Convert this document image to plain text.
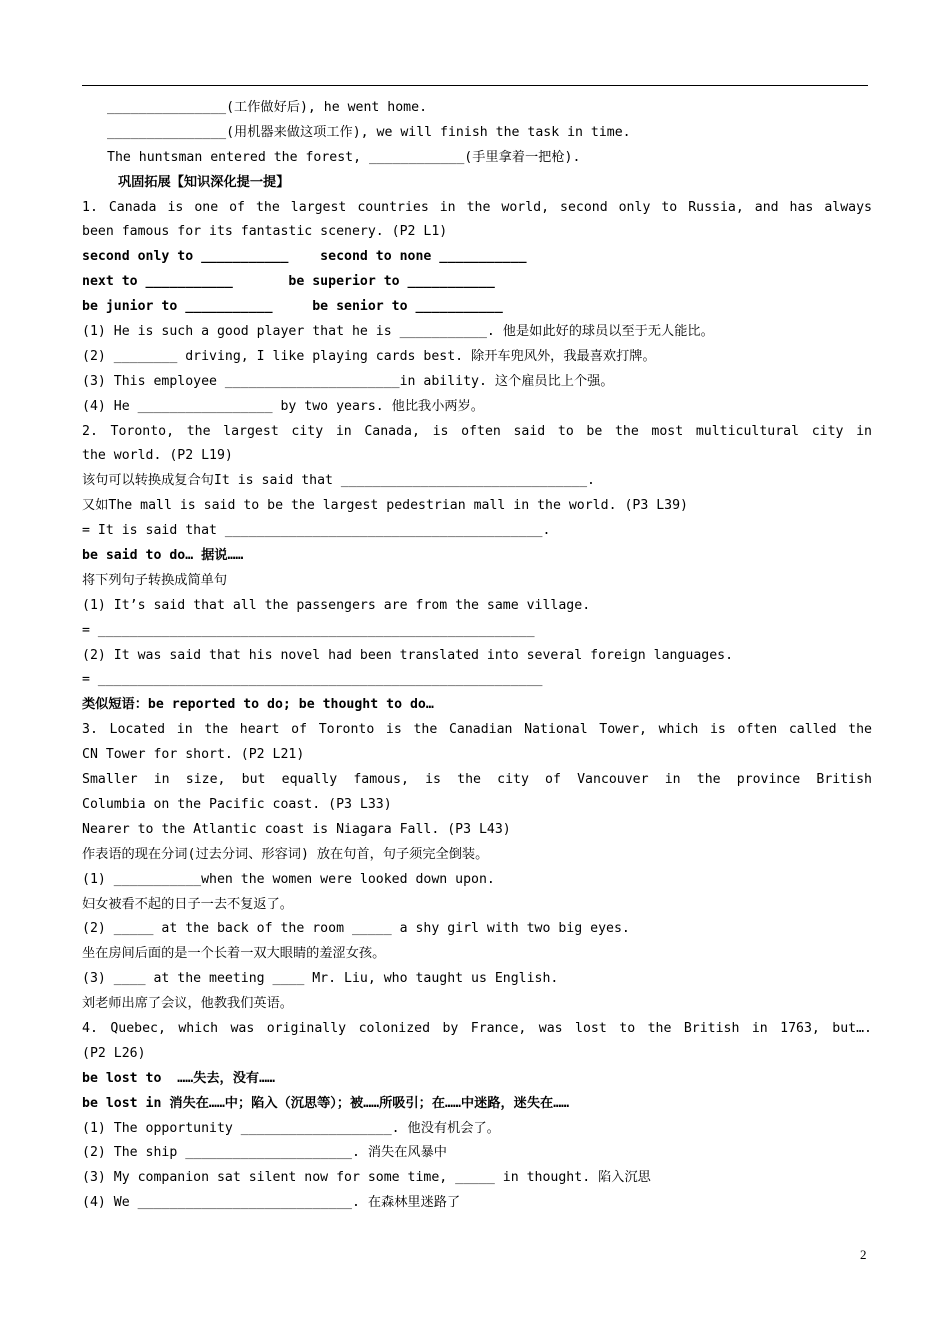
_______________(工作做好后), he went home.
_______________(用机器来做这项工作), we will finish the task in time.
The huntsman entered the forest, ____________(手里拿着一把枪).
巩固拓展【知识深化提一提】
1. Canada is one of the largest countries in the world, second only to Russia, and has always
been famous for its fantastic scenery. (P2 L1)
second only to ___________    second to none ___________
next to ___________       be superior to ___________
be junior to ___________     be senior to ___________
(1) He is such a good player that he is ___________. 他是如此好的球员以至于无人能比。
(2) ________ driving, I like playing cards best. 除开车兜风外，我最喜欢打牌。
(3) This employee ______________________in ability. 这个雇员比上个强。
(4) He _________________ by two years. 他比我小两岁。
2. Toronto, the largest city in Canada, is often said to be the most multicultural city in
the world. (P2 L19)
该句可以转换成复合句It is said that _______________________________.
又如The mall is said to be the largest pedestrian mall in the world. (P3 L39)
= It is said that ________________________________________.
be said to do… 据说……
将下列句子转换成简单句
(1) It’s said that all the passengers are from the same village.
= _______________________________________________________
(2) It was said that his novel had been translated into several foreign languages.
= ________________________________________________________
类似短语：be reported to do; be thought to do…
3. Located in the heart of Toronto is the Canadian National Tower, which is often called the
CN Tower for short. (P2 L21)
Smaller in size, but equally famous, is the city of Vancouver in the province British
Columbia on the Pacific coast. (P3 L33)
Nearer to the Atlantic coast is Niagara Fall. (P3 L43)
作表语的现在分词(过去分词、形容词) 放在句首，句子须完全倒装。
(1) ___________when the women were looked down upon.
妇女被看不起的日子一去不复返了。
(2) _____ at the back of the room _____ a shy girl with two big eyes.
坐在房间后面的是一个长着一双大眼睛的羞涩女孩。
(3) ____ at the meeting ____ Mr. Liu, who taught us English.
刘老师出席了会议，他教我们英语。
4. Quebec, which was originally colonized by France, was lost to the British in 1763, but….
(P2 L26)
be lost to  ……失去，没有……
be lost in 消失在……中；陷入（沉思等）；被……所吸引；在……中迷路，迷失在……
(1) The opportunity ___________________. 他没有机会了。
(2) The ship _____________________. 消失在风暴中
(3) My companion sat silent now for some time, _____ in thought. 陷入沉思
(4) We ___________________________. 在森林里迷路了
2
